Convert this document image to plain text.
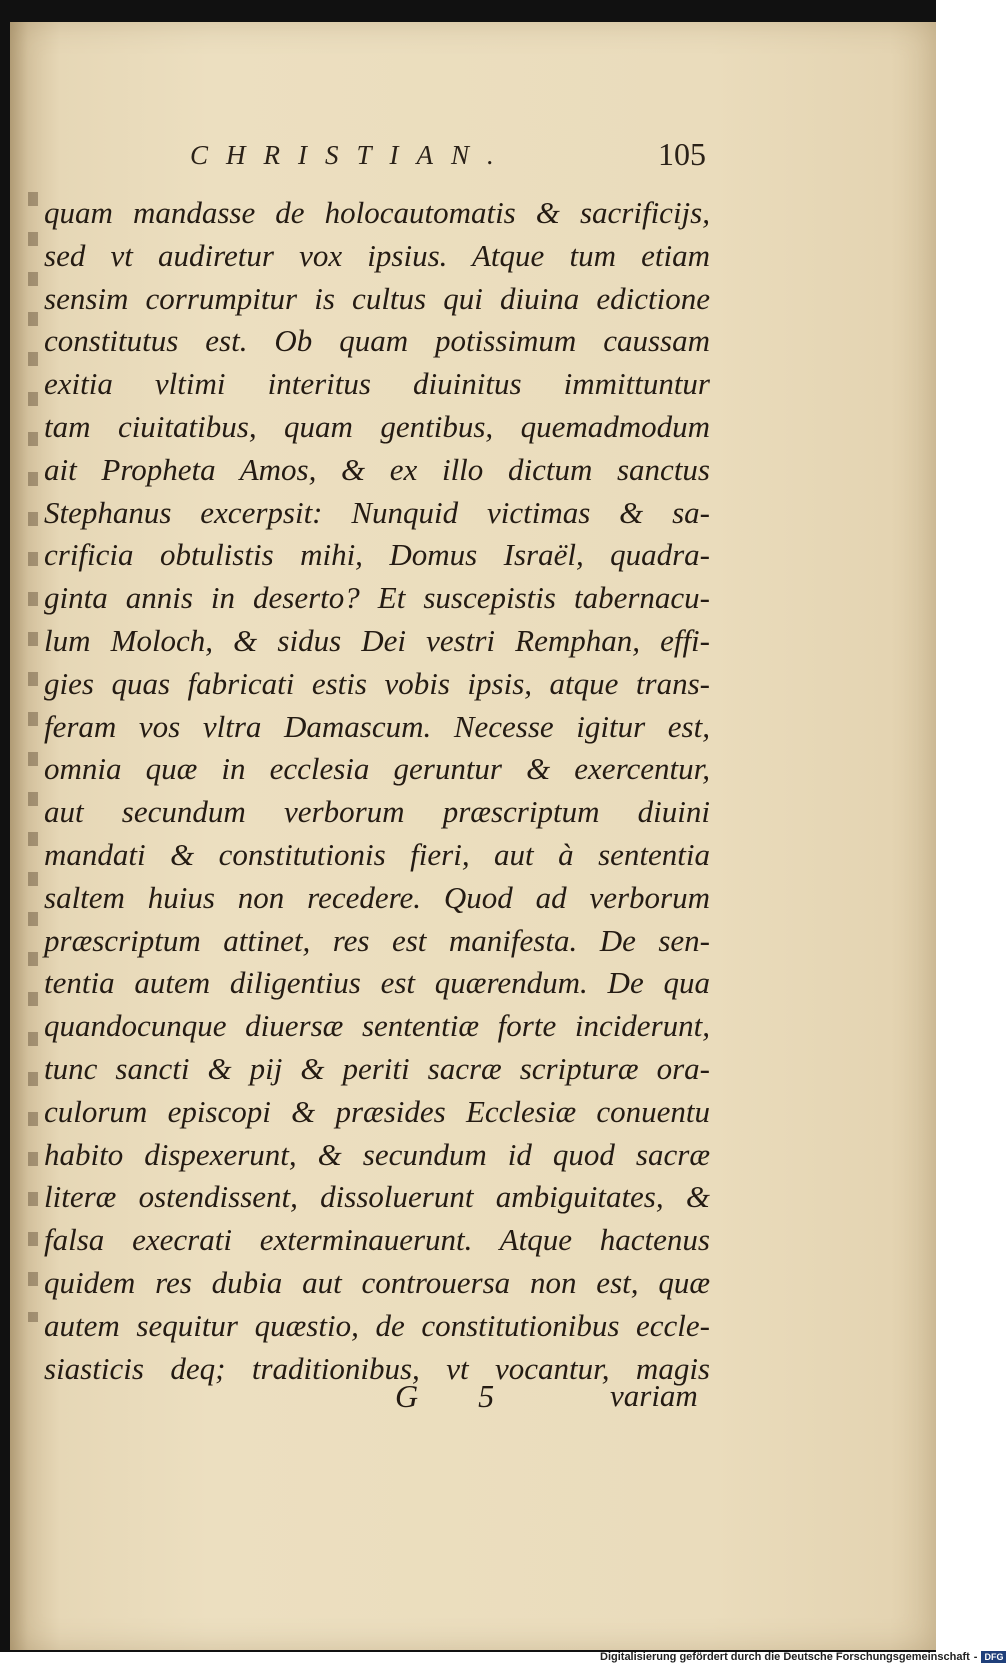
CHRISTIAN.	105
quam mandasse de holocautomatis & sacrificijs,
sed vt audiretur vox ipsius. Atque tum etiam
sensim corrumpitur is cultus qui diuina edictione
constitutus est. Ob quam potissimum caussam
exitia vltimi interitus diuinitus immittuntur
tam ciuitatibus, quam gentibus, quemadmodum
ait Propheta Amos, & ex illo dictum sanctus
Stephanus excerpsit: Nunquid victimas & sa-
crificia obtulistis mihi, Domus Israël, quadra-
ginta annis in deserto? Et suscepistis tabernacu-
lum Moloch, & sidus Dei vestri Remphan, effi-
gies quas fabricati estis vobis ipsis, atque trans-
feram vos vltra Damascum. Necesse igitur est,
omnia quæ in ecclesia geruntur & exercentur,
aut secundum verborum præscriptum diuini
mandati & constitutionis fieri, aut à sententia
saltem huius non recedere. Quod ad verborum
præscriptum attinet, res est manifesta. De sen-
tentia autem diligentius est quærendum. De qua
quandocunque diuersæ sententiæ forte inciderunt,
tunc sancti & pij & periti sacræ scripturæ ora-
culorum episcopi & præsides Ecclesiæ conuentu
habito dispexerunt, & secundum id quod sacræ
literæ ostendissent, dissoluerunt ambiguitates, &
falsa execrati exterminauerunt. Atque hactenus
quidem res dubia aut controuersa non est, quæ
autem sequitur quæstio, de constitutionibus eccle-
siasticis deq; traditionibus, vt vocantur, magis
G 5	variam
Digitalisierung gefördert durch die Deutsche Forschungsgemeinschaft - DFG
